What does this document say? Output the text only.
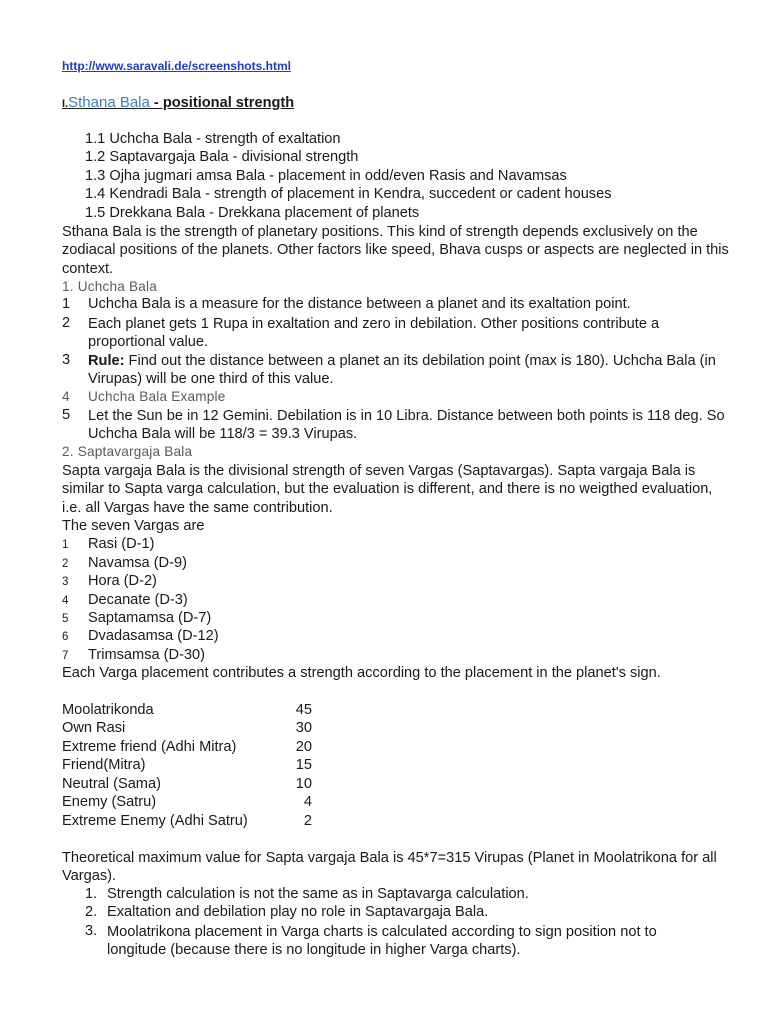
http://www.saravali.de/screenshots.html
I.Sthana Bala - positional strength
1.1 Uchcha Bala - strength of exaltation
1.2 Saptavargaja Bala - divisional strength
1.3 Ojha jugmari amsa Bala - placement in odd/even Rasis and Navamsas
1.4 Kendradi Bala - strength of placement in Kendra, succedent or cadent houses
1.5 Drekkana Bala - Drekkana placement of planets
Sthana Bala is the strength of planetary positions. This kind of strength depends exclusively on the zodiacal positions of the planets. Other factors like speed, Bhava cusps or aspects are neglected in this context.
1. Uchcha Bala
1 Uchcha Bala is a measure for the distance between a planet and its exaltation point.
2	Each planet gets 1 Rupa in exaltation and zero in debilation. Other positions contribute a proportional value.
3	Rule: Find out the distance between a planet an its debilation point (max is 180). Uchcha Bala (in Virupas) will be one third of this value.
4 Uchcha Bala Example
5	Let the Sun be in 12 Gemini. Debilation is in 10 Libra. Distance between both points is 118 deg. So Uchcha Bala will be 118/3 = 39.3 Virupas.
2. Saptavargaja Bala
Sapta vargaja Bala is the divisional strength of seven Vargas (Saptavargas). Sapta vargaja Bala is similar to Sapta varga calculation, but the evaluation is different, and there is no weigthed evaluation, i.e. all Vargas have the same contribution.
The seven Vargas are
1 Rasi (D-1)
2 Navamsa (D-9)
3 Hora (D-2)
4 Decanate (D-3)
5 Saptamamsa (D-7)
6 Dvadasamsa (D-12)
7 Trimsamsa (D-30)
Each Varga placement contributes a strength according to the placement in the planet's sign.
Moolatrikonda	45
Own Rasi	30
Extreme friend (Adhi Mitra)	20
Friend(Mitra)	15
Neutral (Sama)	10
Enemy (Satru)	4
Extreme Enemy (Adhi Satru)	2
Theoretical maximum value for Sapta vargaja Bala is 45*7=315 Virupas (Planet in Moolatrikona for all Vargas).
1. Strength calculation is not the same as in Saptavarga calculation.
2. Exaltation and debilation play no role in Saptavargaja Bala.
3. Moolatrikona placement in Varga charts is calculated according to sign position not to longitude (because there is no longitude in higher Varga charts).
